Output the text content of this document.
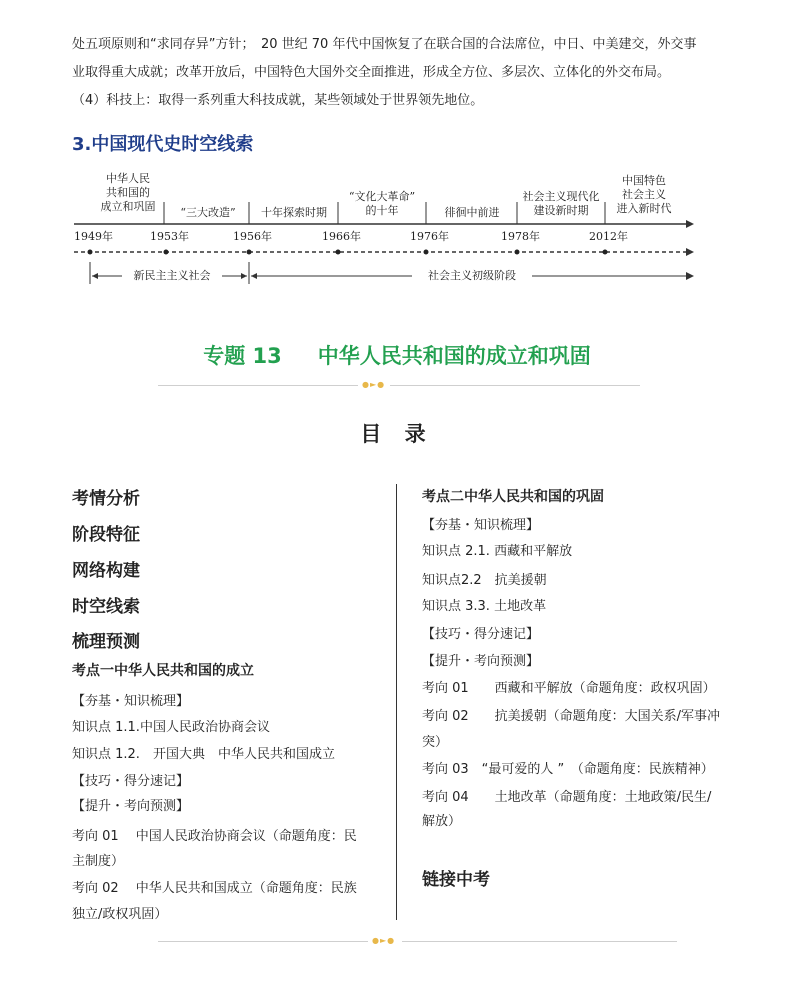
处五项原则和“求同存异”方针；　20 世纪 70 年代中国恢复了在联合国的合法席位，中日、中美建交，外交事
业取得重大成就；改革开放后，中国特色大国外交全面推进，形成全方位、多层次、立体化的外交布局。
（4）科技上：取得一系列重大科技成就，某些领域处于世界领先地位。
3.中国现代史时空线索
中华人民
共和国的
成立和巩固	“三大改造”	十年探索时期
“文化大革命”
的十年	徘徊中前进
社会主义现代化
建设新时期
中国特色
社会主义
进入新时代
1949年	1953年	1956年	1966年	1976年	1978年	2012年
新民主主义社会	社会主义初级阶段
专题 13 中华人民共和国的成立和巩固
●►●
目 录
考情分析
阶段特征
网络构建
时空线索
梳理预测
考点一中华人民共和国的成立
【夯基・知识梳理】
知识点 1.1.中国人民政治协商会议
知识点 1.2.　开国大典　中华人民共和国成立
【技巧・得分速记】
【提升・考向预测】
考向 01　 中国人民政治协商会议（命题角度：民
主制度）
考向 02　 中华人民共和国成立（命题角度：民族
独立/政权巩固）
考点二中华人民共和国的巩固
【夯基・知识梳理】
知识点 2.1. 西藏和平解放
知识点2.2　抗美援朝
知识点 3.3. 土地改革
【技巧・得分速记】
【提升・考向预测】
考向 01　　西藏和平解放（命题角度：政权巩固）
考向 02　　抗美援朝（命题角度：大国关系/军事冲
突）
考向 03　“最可爱的人 ”　（命题角度：民族精神）
考向 04　　土地改革（命题角度：土地政策/民生/
解放）
链接中考
●►●
